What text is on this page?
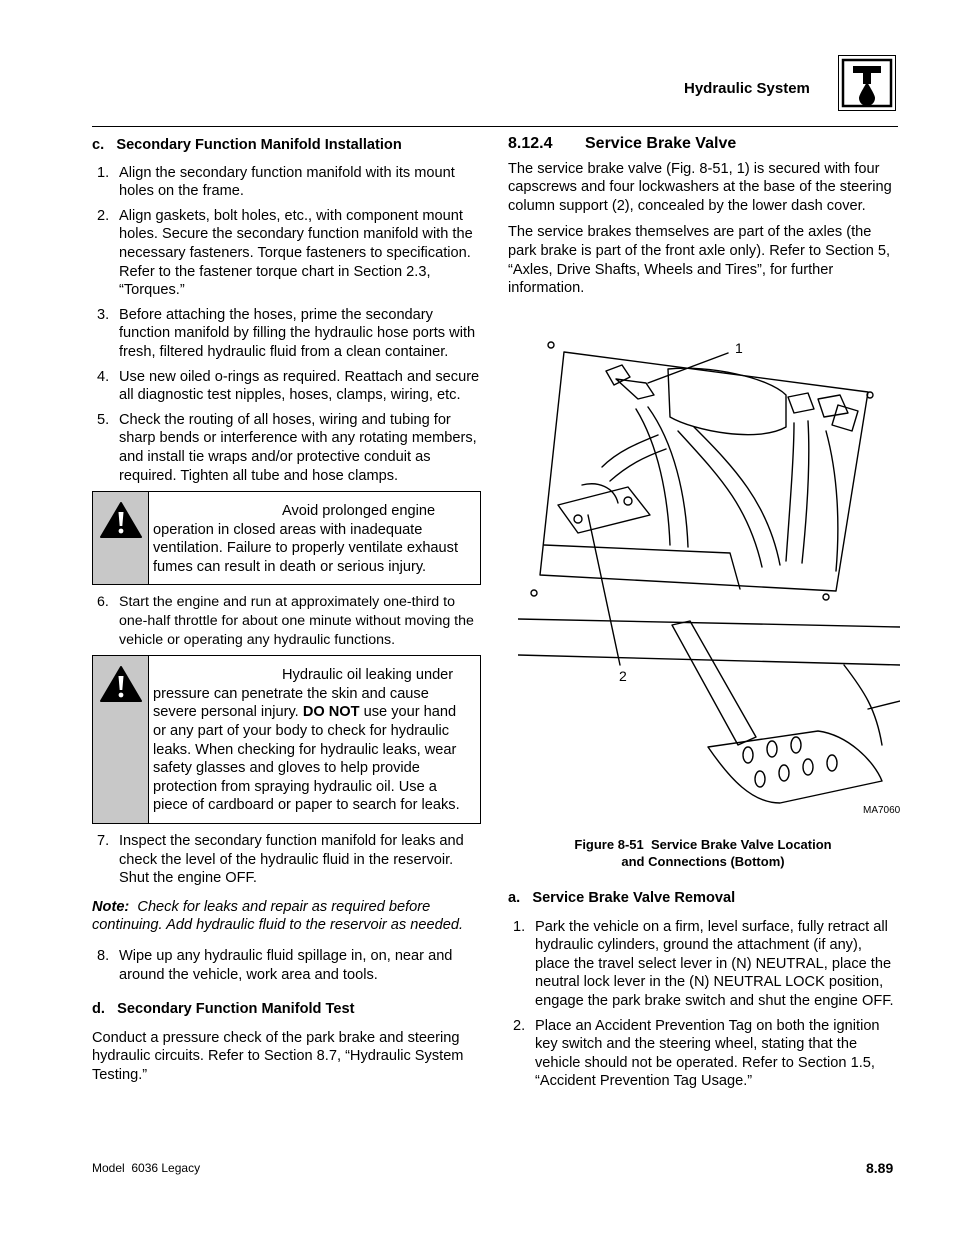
Hydraulic System
c.   Secondary Function Manifold Installation
1. Align the secondary function manifold with its mount holes on the frame.
2. Align gaskets, bolt holes, etc., with component mount holes. Secure the secondary function manifold with the necessary fasteners. Torque fasteners to specification. Refer to the fastener torque chart in Section 2.3, “Torques.”
3. Before attaching the hoses, prime the secondary function manifold by filling the hydraulic hose ports with fresh, filtered hydraulic fluid from a clean container.
4. Use new oiled o-rings as required. Reattach and secure all diagnostic test nipples, hoses, clamps, wiring, etc.
5. Check the routing of all hoses, wiring and tubing for sharp bends or interference with any rotating members, and install tie wraps and/or protective conduit as required. Tighten all tube and hose clamps.
Avoid prolonged engine
operation in closed areas with inadequate ventilation. Failure to properly ventilate exhaust fumes can result in death or serious injury.
6. Start the engine and run at approximately one-third to one-half throttle for about one minute without moving the vehicle or operating any hydraulic functions.
Hydraulic oil leaking under
pressure can penetrate the skin and cause severe personal injury. DO NOT use your hand or any part of your body to check for hydraulic leaks. When checking for hydraulic leaks, wear safety glasses and gloves to help provide protection from spraying hydraulic oil. Use a piece of cardboard or paper to search for leaks.
7. Inspect the secondary function manifold for leaks and check the level of the hydraulic fluid in the reservoir. Shut the engine OFF.
Note: Check for leaks and repair as required before continuing. Add hydraulic fluid to the reservoir as needed.
8. Wipe up any hydraulic fluid spillage in, on, near and around the vehicle, work area and tools.
d.   Secondary Function Manifold Test
Conduct a pressure check of the park brake and steering hydraulic circuits. Refer to Section 8.7, “Hydraulic System Testing.”
8.12.4 Service Brake Valve

The service brake valve (Fig. 8-51, 1) is secured with four capscrews and four lockwashers at the base of the steering column support (2), concealed by the lower dash cover.

The service brakes themselves are part of the axles (the park brake is part of the front axle only). Refer to Section 5, “Axles, Drive Shafts, Wheels and Tires”, for further information.

1
2
MA7060
Figure 8-51  Service Brake Valve Location
and Connections (Bottom)
a.   Service Brake Valve Removal
1. Park the vehicle on a firm, level surface, fully retract all hydraulic cylinders, ground the attachment (if any), place the travel select lever in (N) NEUTRAL, place the neutral lock lever in the (N) NEUTRAL LOCK position, engage the park brake switch and shut the engine OFF.
2. Place an Accident Prevention Tag on both the ignition key switch and the steering wheel, stating that the vehicle should not be operated. Refer to Section 1.5, “Accident Prevention Tag Usage.”
Model  6036 Legacy	8.89
